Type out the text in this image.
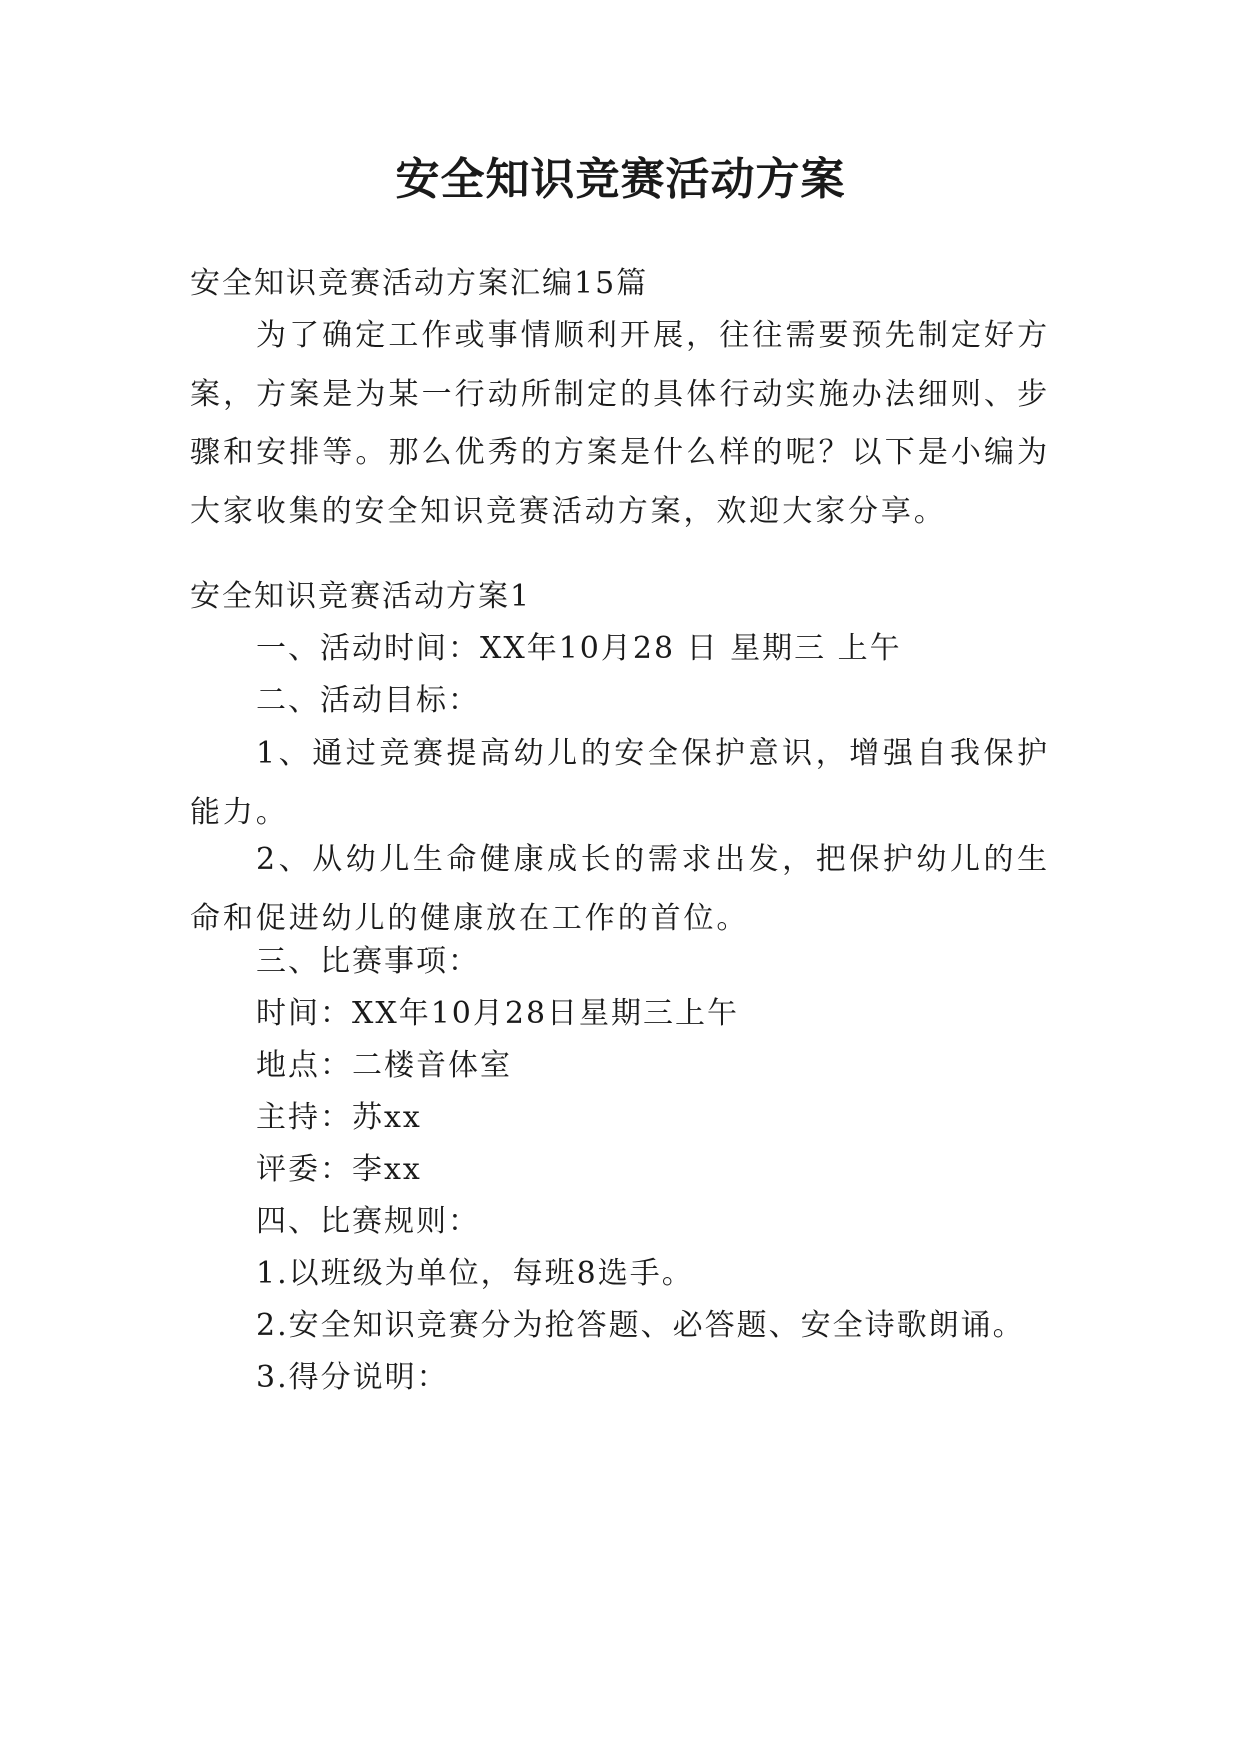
安全知识竞赛活动方案
安全知识竞赛活动方案汇编15篇
为了确定工作或事情顺利开展，往往需要预先制定好方案，方案是为某一行动所制定的具体行动实施办法细则、步骤和安排等。那么优秀的方案是什么样的呢？以下是小编为大家收集的安全知识竞赛活动方案，欢迎大家分享。
安全知识竞赛活动方案1
一、活动时间：XX年10月28 日 星期三 上午
二、活动目标：
1、通过竞赛提高幼儿的安全保护意识，增强自我保护能力。
2、从幼儿生命健康成长的需求出发，把保护幼儿的生命和促进幼儿的健康放在工作的首位。
三、比赛事项：
时间：XX年10月28日星期三上午
地点：二楼音体室
主持：苏xx
评委：李xx
四、比赛规则：
1.以班级为单位，每班8选手。
2.安全知识竞赛分为抢答题、必答题、安全诗歌朗诵。
3.得分说明：
